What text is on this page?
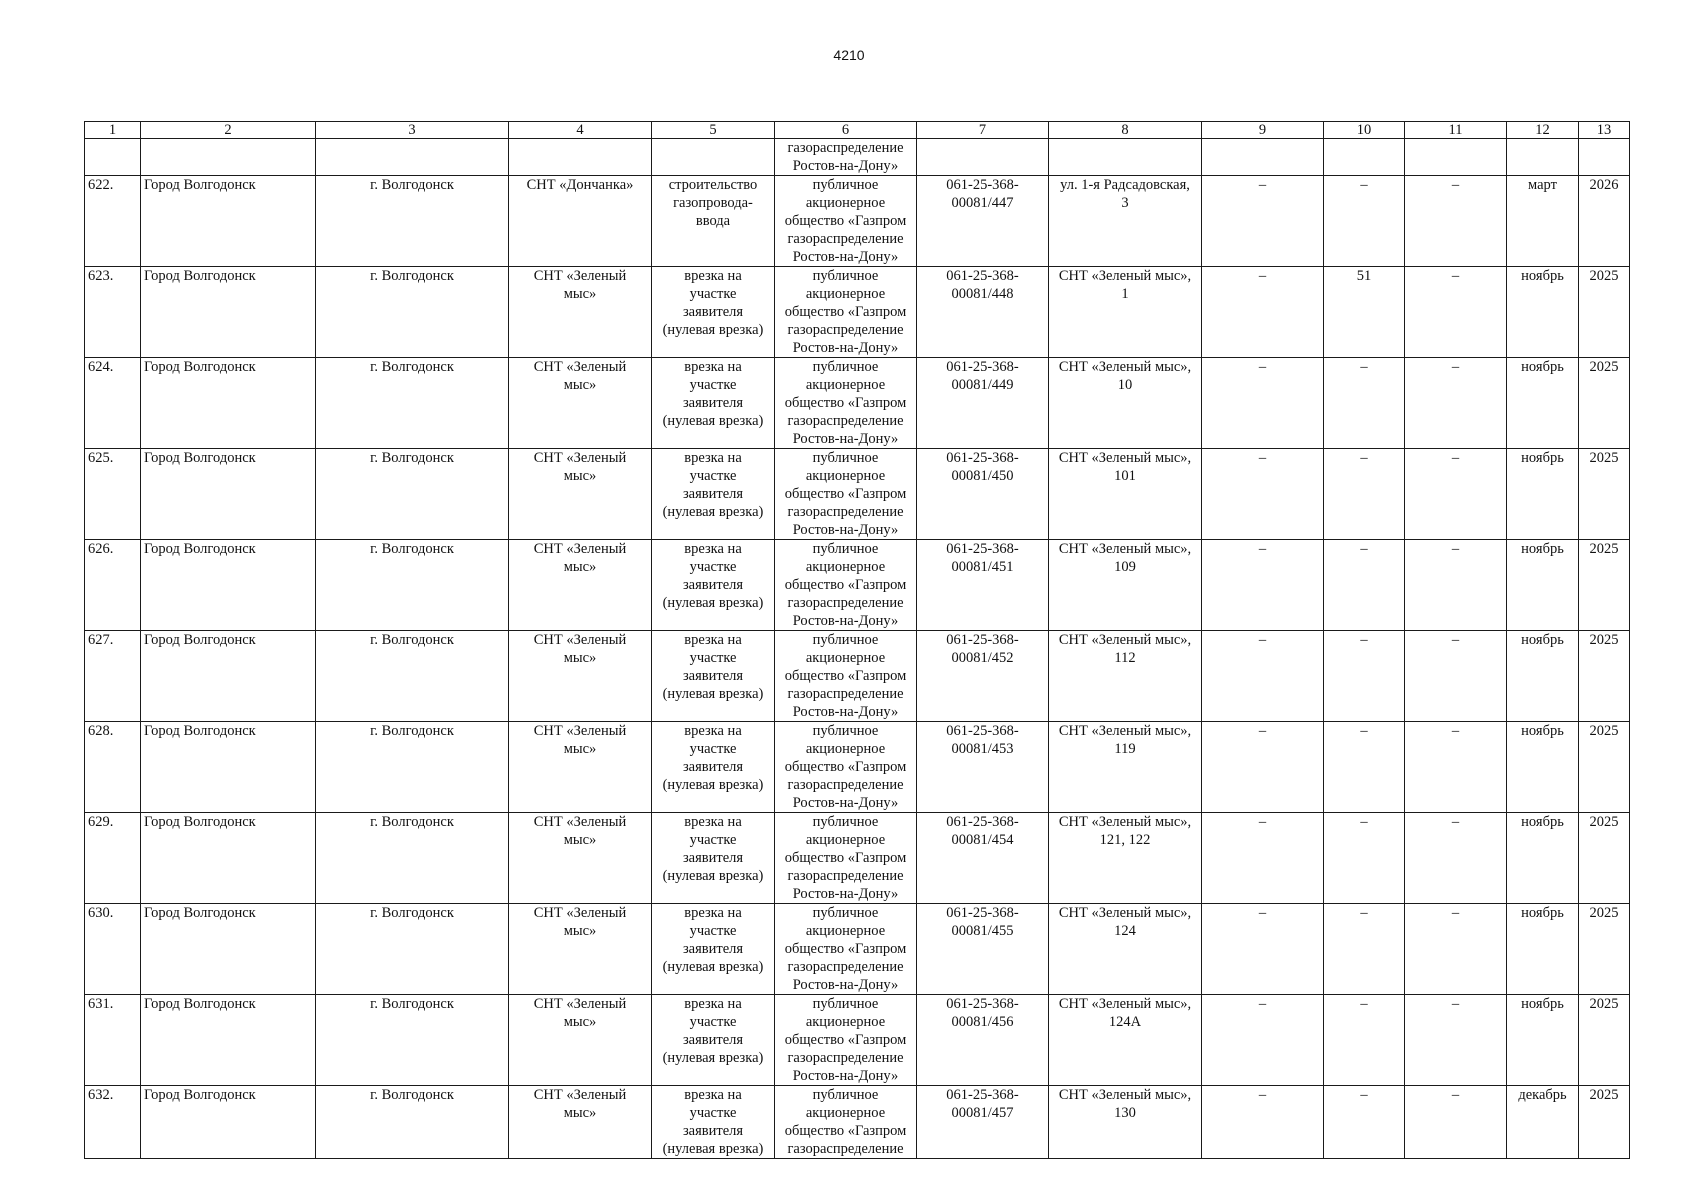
4210
1	2	3	4	5	6	7	8	9	10	11	12	13
					газораспределение
Ростов-на-Дону»							
622.	Город Волгодонск	г. Волгодонск	СНТ «Дончанка»	строительство
газопровода-
ввода	публичное
акционерное
общество «Газпром
газораспределение
Ростов-на-Дону»	061-25-368-
00081/447	ул. 1-я Радсадовская,
3	–	–	–	март	2026
623.	Город Волгодонск	г. Волгодонск	СНТ «Зеленый
мыс»	врезка на
участке
заявителя
(нулевая врезка)	публичное
акционерное
общество «Газпром
газораспределение
Ростов-на-Дону»	061-25-368-
00081/448	СНТ «Зеленый мыс»,
1	–	51	–	ноябрь	2025
624.	Город Волгодонск	г. Волгодонск	СНТ «Зеленый
мыс»	врезка на
участке
заявителя
(нулевая врезка)	публичное
акционерное
общество «Газпром
газораспределение
Ростов-на-Дону»	061-25-368-
00081/449	СНТ «Зеленый мыс»,
10	–	–	–	ноябрь	2025
625.	Город Волгодонск	г. Волгодонск	СНТ «Зеленый
мыс»	врезка на
участке
заявителя
(нулевая врезка)	публичное
акционерное
общество «Газпром
газораспределение
Ростов-на-Дону»	061-25-368-
00081/450	СНТ «Зеленый мыс»,
101	–	–	–	ноябрь	2025
626.	Город Волгодонск	г. Волгодонск	СНТ «Зеленый
мыс»	врезка на
участке
заявителя
(нулевая врезка)	публичное
акционерное
общество «Газпром
газораспределение
Ростов-на-Дону»	061-25-368-
00081/451	СНТ «Зеленый мыс»,
109	–	–	–	ноябрь	2025
627.	Город Волгодонск	г. Волгодонск	СНТ «Зеленый
мыс»	врезка на
участке
заявителя
(нулевая врезка)	публичное
акционерное
общество «Газпром
газораспределение
Ростов-на-Дону»	061-25-368-
00081/452	СНТ «Зеленый мыс»,
112	–	–	–	ноябрь	2025
628.	Город Волгодонск	г. Волгодонск	СНТ «Зеленый
мыс»	врезка на
участке
заявителя
(нулевая врезка)	публичное
акционерное
общество «Газпром
газораспределение
Ростов-на-Дону»	061-25-368-
00081/453	СНТ «Зеленый мыс»,
119	–	–	–	ноябрь	2025
629.	Город Волгодонск	г. Волгодонск	СНТ «Зеленый
мыс»	врезка на
участке
заявителя
(нулевая врезка)	публичное
акционерное
общество «Газпром
газораспределение
Ростов-на-Дону»	061-25-368-
00081/454	СНТ «Зеленый мыс»,
121, 122	–	–	–	ноябрь	2025
630.	Город Волгодонск	г. Волгодонск	СНТ «Зеленый
мыс»	врезка на
участке
заявителя
(нулевая врезка)	публичное
акционерное
общество «Газпром
газораспределение
Ростов-на-Дону»	061-25-368-
00081/455	СНТ «Зеленый мыс»,
124	–	–	–	ноябрь	2025
631.	Город Волгодонск	г. Волгодонск	СНТ «Зеленый
мыс»	врезка на
участке
заявителя
(нулевая врезка)	публичное
акционерное
общество «Газпром
газораспределение
Ростов-на-Дону»	061-25-368-
00081/456	СНТ «Зеленый мыс»,
124А	–	–	–	ноябрь	2025
632.	Город Волгодонск	г. Волгодонск	СНТ «Зеленый
мыс»	врезка на
участке
заявителя
(нулевая врезка)	публичное
акционерное
общество «Газпром
газораспределение	061-25-368-
00081/457	СНТ «Зеленый мыс»,
130	–	–	–	декабрь	2025
